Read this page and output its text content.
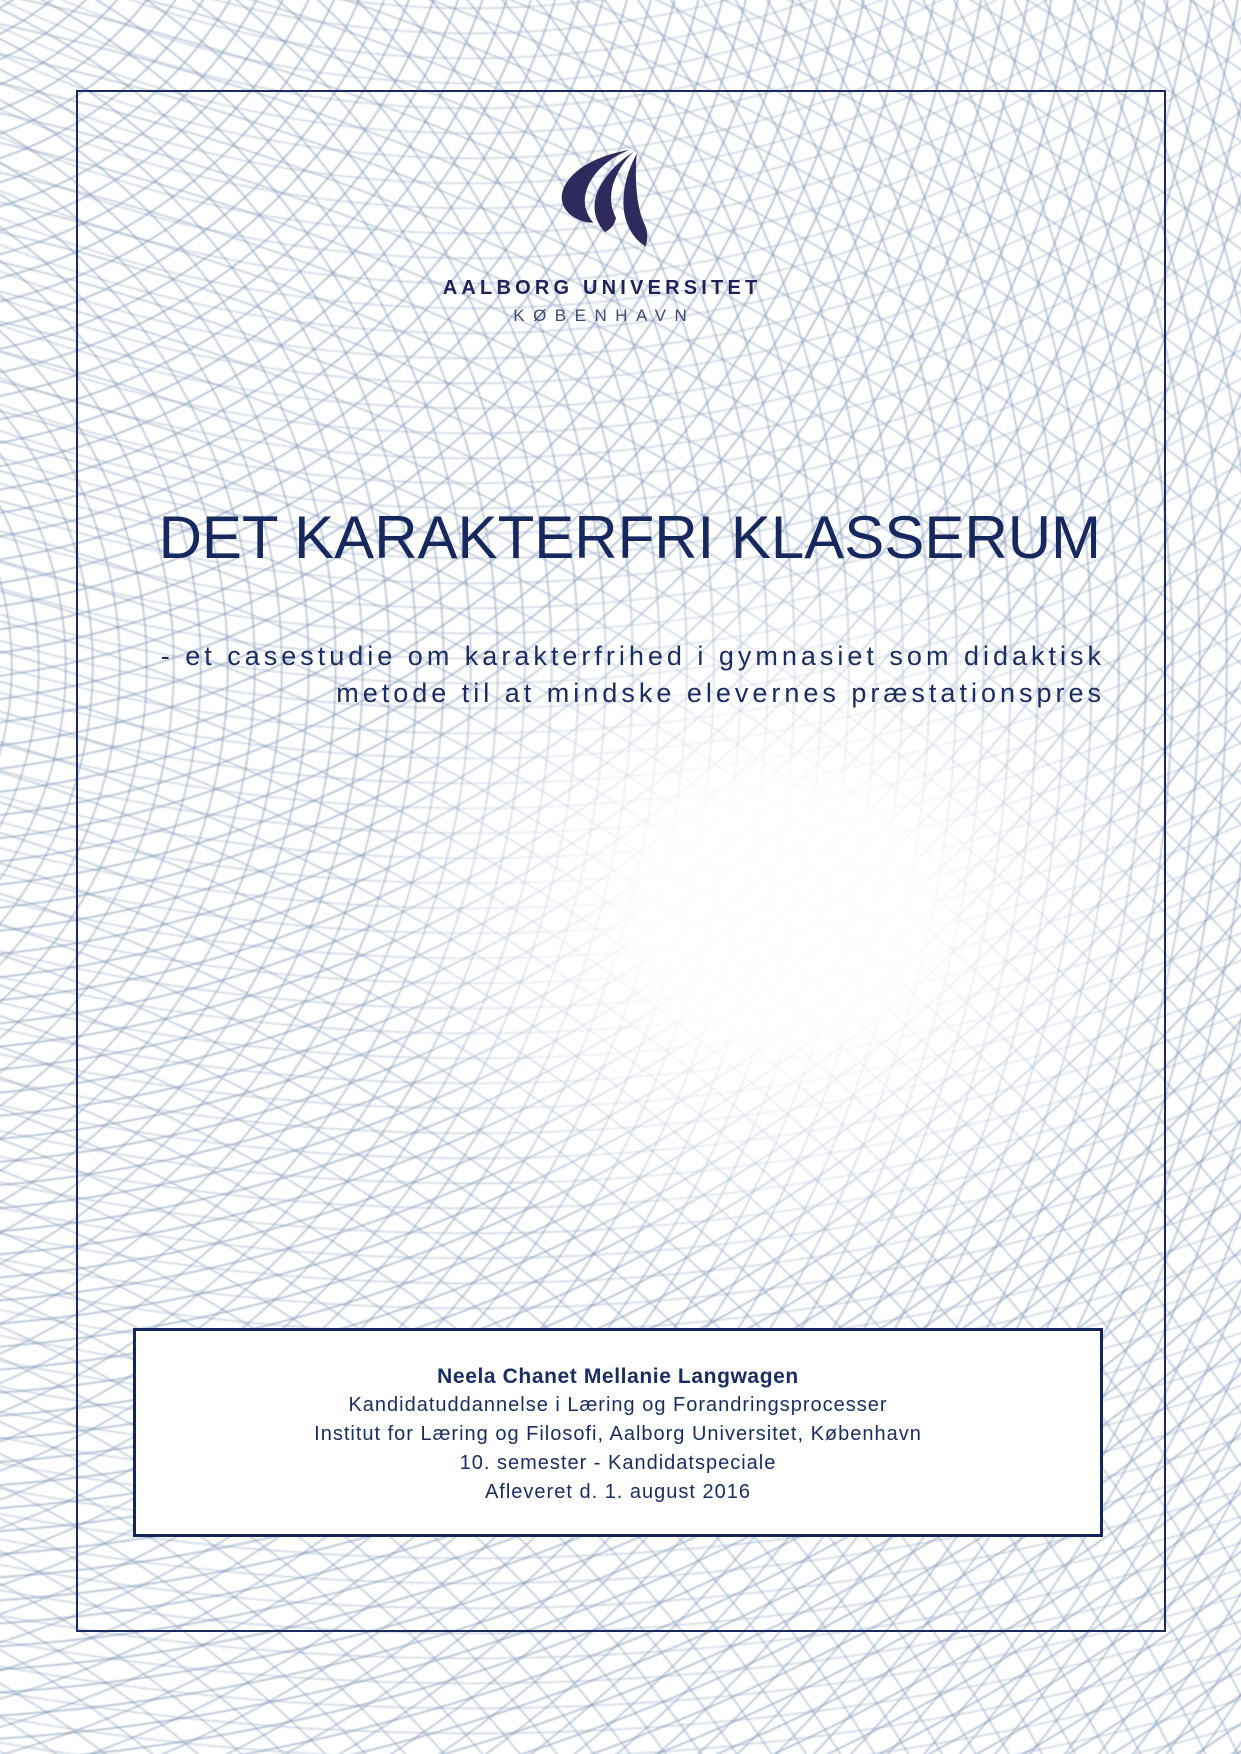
AALBORG UNIVERSITET
KØBENHAVN
DET KARAKTERFRI KLASSERUM

- et casestudie om karakterfrihed i gymnasiet som didaktisk
metode til at mindske elevernes præstationspres

Neela Chanet Mellanie Langwagen

Kandidatuddannelse i Læring og Forandringsprocesser

Institut for Læring og Filosofi, Aalborg Universitet, København

10. semester - Kandidatspeciale

Afleveret d. 1. august 2016
